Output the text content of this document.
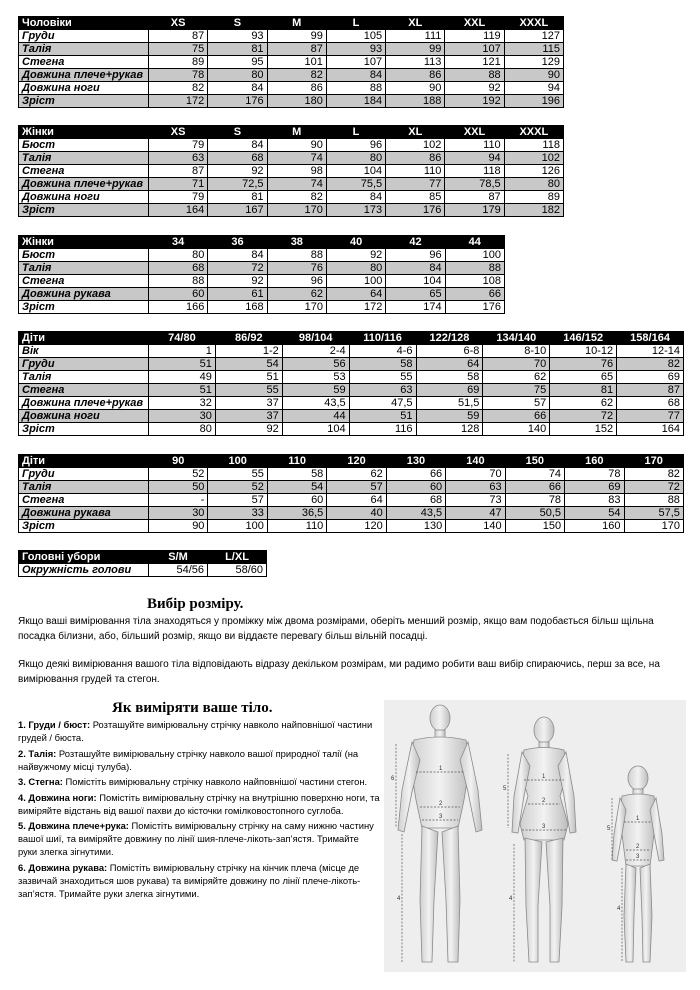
Чоловіки	XS	S	M	L	XL	XXL	XXXL
Груди	87	93	99	105	111	119	127
Талія	75	81	87	93	99	107	115
Стегна	89	95	101	107	113	121	129
Довжина плече+рукав	78	80	82	84	86	88	90
Довжина ноги	82	84	86	88	90	92	94
Зріст	172	176	180	184	188	192	196
Жінки	XS	S	M	L	XL	XXL	XXXL
Бюст	79	84	90	96	102	110	118
Талія	63	68	74	80	86	94	102
Стегна	87	92	98	104	110	118	126
Довжина плече+рукав	71	72,5	74	75,5	77	78,5	80
Довжина ноги	79	81	82	84	85	87	89
Зріст	164	167	170	173	176	179	182
Жінки	34	36	38	40	42	44
Бюст	80	84	88	92	96	100
Талія	68	72	76	80	84	88
Стегна	88	92	96	100	104	108
Довжина рукава	60	61	62	64	65	66
Зріст	166	168	170	172	174	176
Діти	74/80	86/92	98/104	110/116	122/128	134/140	146/152	158/164
Вік	1	1-2	2-4	4-6	6-8	8-10	10-12	12-14
Груди	51	54	56	58	64	70	76	82
Талія	49	51	53	55	58	62	65	69
Стегна	51	55	59	63	69	75	81	87
Довжина плече+рукав	32	37	43,5	47,5	51,5	57	62	68
Довжина ноги	30	37	44	51	59	66	72	77
Зріст	80	92	104	116	128	140	152	164
Діти	90	100	110	120	130	140	150	160	170
Груди	52	55	58	62	66	70	74	78	82
Талія	50	52	54	57	60	63	66	69	72
Стегна	-	57	60	64	68	73	78	83	88
Довжина рукава	30	33	36,5	40	43,5	47	50,5	54	57,5
Зріст	90	100	110	120	130	140	150	160	170
Головні убори	S/M	L/XL
Окружність голови	54/56	58/60
Вибір розміру.
Якщо ваші вимірювання тіла знаходяться у проміжку між двома розмірами, оберіть менший розмір, якщо вам подобається більш щільна посадка білизни, або, більший розмір, якщо ви віддаєте перевагу більш вільній посадці.
Якщо деякі вимірювання вашого тіла відповідають відразу декільком розмірам, ми радимо робити ваш вибір спираючись, перш за все, на вимірювання грудей та стегон.
Як виміряти ваше тіло.

1. Груди / бюст: Розташуйте вимірювальну стрічку навколо найповнішої частини грудей / бюста.

2. Талія: Розташуйте вимірювальну стрічку навколо вашої природної талії (на найвужчому місці тулуба).

3. Стегна: Помістіть вимірювальну стрічку навколо найповнішої частини стегон.

4. Довжина ноги: Помістіть вимірювальну стрічку на внутрішню поверхню ноги, та виміряйте відстань від вашої пахви до кісточки гомілковостопного суглоба.

5. Довжина плече+рука: Помістіть вимірювальну стрічку на саму нижню частину вашої шиї, та виміряйте довжину по лінії шия-плече-лікоть-зап’ястя. Тримайте руки злегка зігнутими.

6. Довжина рукава: Помістіть вимірювальну стрічку на кінчик плеча (місце де зазвичай знаходиться шов рукава) та виміряйте довжину по лінії плече-лікоть- зап’ястя. Тримайте руки злегка зігнутими.

1
2
3
4
6	1
2
3
4
5
1
2
3
4
5
